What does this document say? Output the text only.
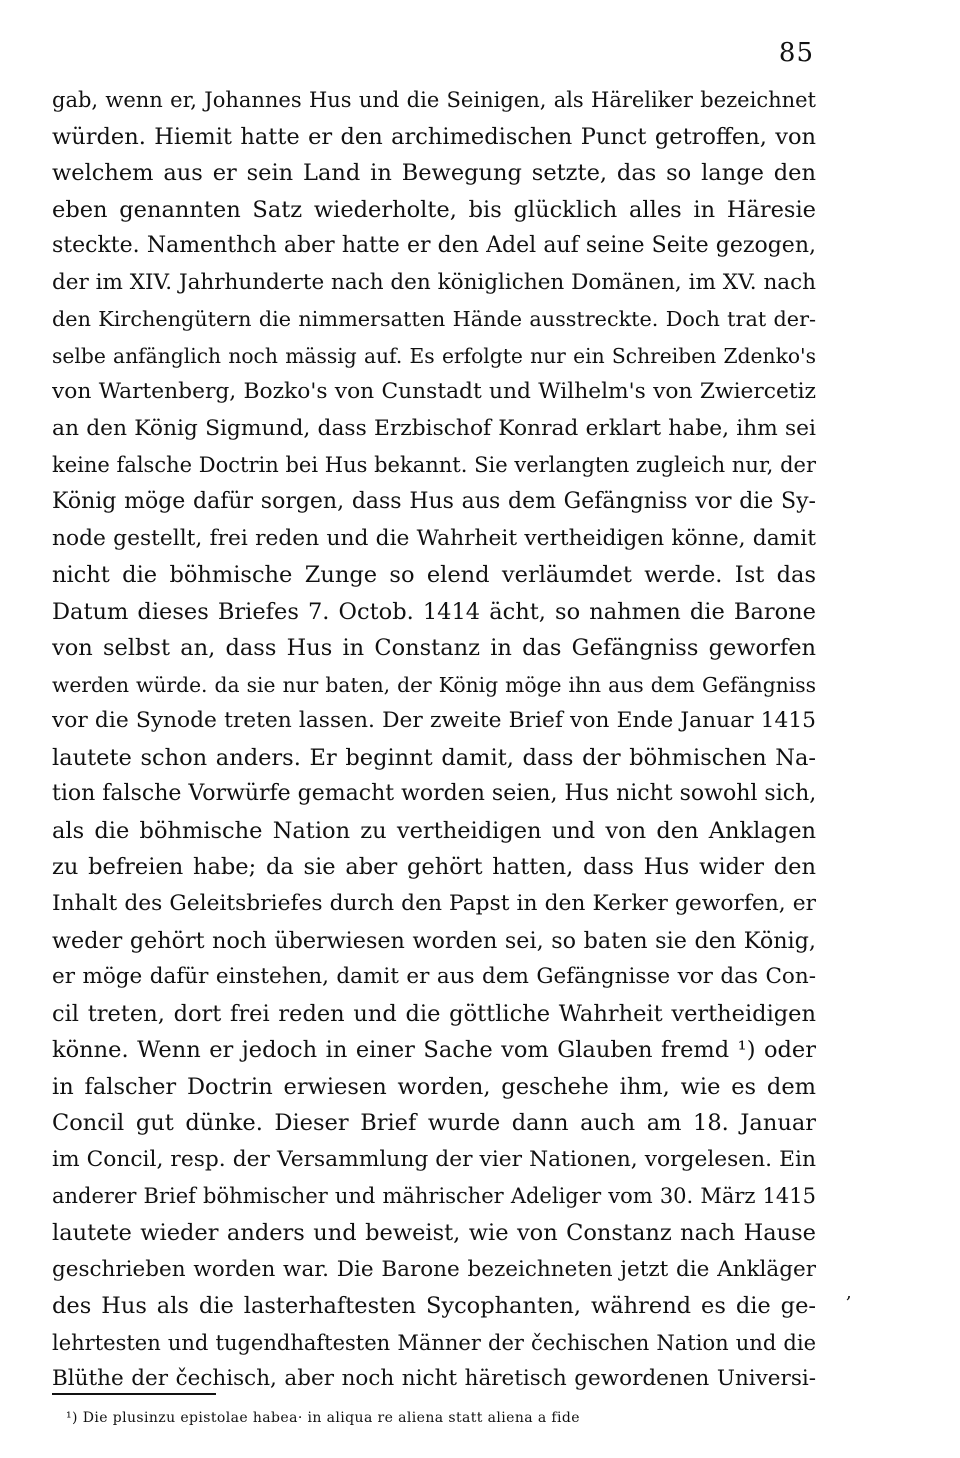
85
gab, wenn er, Johannes Hus und die Seinigen, als Häreliker bezeichnet
würden. Hiemit hatte er den archimedischen Punct getroffen, von
welchem aus er sein Land in Bewegung setzte, das so lange den
eben genannten Satz wiederholte, bis glücklich alles in Häresie
steckte. Namenthch aber hatte er den Adel auf seine Seite gezogen,
der im XIV. Jahrhunderte nach den königlichen Domänen, im XV. nach
den Kirchengütern die nimmersatten Hände ausstreckte. Doch trat der-
selbe anfänglich noch mässig auf. Es erfolgte nur ein Schreiben Zdenko's
von Wartenberg, Bozko's von Cunstadt und Wilhelm's von Zwiercetiz
an den König Sigmund, dass Erzbischof Konrad erklart habe, ihm sei
keine falsche Doctrin bei Hus bekannt. Sie verlangten zugleich nur, der
König möge dafür sorgen, dass Hus aus dem Gefängniss vor die Sy-
node gestellt, frei reden und die Wahrheit vertheidigen könne, damit
nicht die böhmische Zunge so elend verläumdet werde. Ist das
Datum dieses Briefes 7. Octob. 1414 ächt, so nahmen die Barone
von selbst an, dass Hus in Constanz in das Gefängniss geworfen
werden würde. da sie nur baten, der König möge ihn aus dem Gefängniss
vor die Synode treten lassen. Der zweite Brief von Ende Januar 1415
lautete schon anders. Er beginnt damit, dass der böhmischen Na-
tion falsche Vorwürfe gemacht worden seien, Hus nicht sowohl sich,
als die böhmische Nation zu vertheidigen und von den Anklagen
zu befreien habe; da sie aber gehört hatten, dass Hus wider den
Inhalt des Geleitsbriefes durch den Papst in den Kerker geworfen, er
weder gehört noch überwiesen worden sei, so baten sie den König,
er möge dafür einstehen, damit er aus dem Gefängnisse vor das Con-
cil treten, dort frei reden und die göttliche Wahrheit vertheidigen
könne. Wenn er jedoch in einer Sache vom Glauben fremd ¹) oder
in falscher Doctrin erwiesen worden, geschehe ihm, wie es dem
Concil gut dünke. Dieser Brief wurde dann auch am 18. Januar
im Concil, resp. der Versammlung der vier Nationen, vorgelesen. Ein
anderer Brief böhmischer und mährischer Adeliger vom 30. März 1415
lautete wieder anders und beweist, wie von Constanz nach Hause
geschrieben worden war. Die Barone bezeichneten jetzt die Ankläger
des Hus als die lasterhaftesten Sycophanten, während es die ge-
lehrtesten und tugendhaftesten Männer der čechischen Nation und die
Blüthe der čechisch, aber noch nicht häretisch gewordenen Universi-
,
¹) Die plusinzu epistolae habea· in aliqua re aliena statt aliena a fide
